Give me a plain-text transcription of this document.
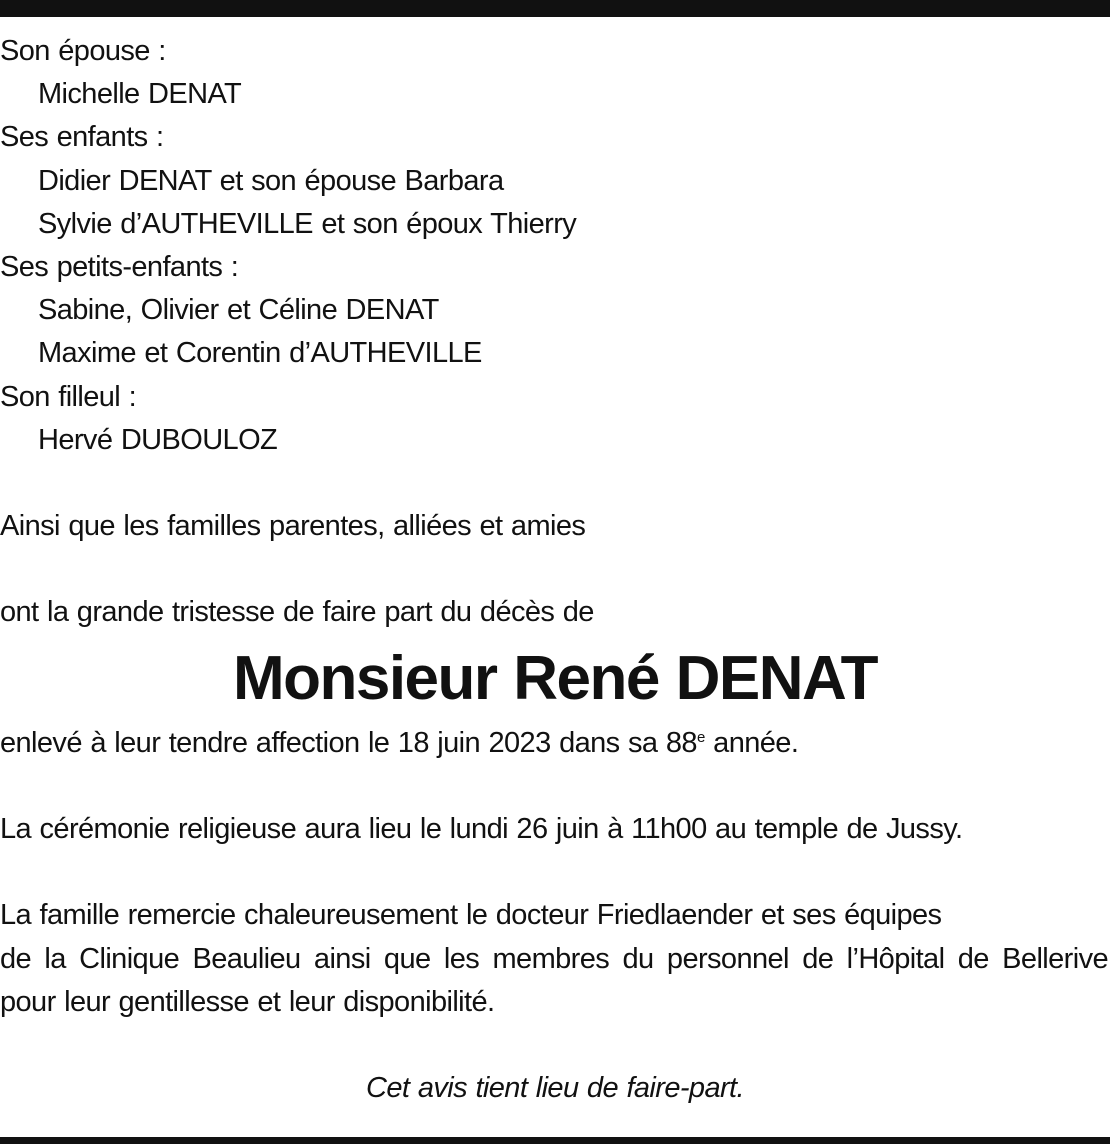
Son épouse :
Michelle DENAT
Ses enfants :
Didier DENAT et son épouse Barbara
Sylvie d’AUTHEVILLE et son époux Thierry
Ses petits-enfants :
Sabine, Olivier et Céline DENAT
Maxime et Corentin d’AUTHEVILLE
Son filleul :
Hervé DUBOULOZ
Ainsi que les familles parentes, alliées et amies
ont la grande tristesse de faire part du décès de
Monsieur René DENAT
enlevé à leur tendre affection le 18 juin 2023 dans sa 88e année.
La cérémonie religieuse aura lieu le lundi 26 juin à 11h00 au temple de Jussy.
La famille remercie chaleureusement le docteur Friedlaender et ses équipes
de la Clinique Beaulieu ainsi que les membres du personnel de l’Hôpital de Bellerive pour leur gentillesse et leur disponibilité.
Cet avis tient lieu de faire-part.
